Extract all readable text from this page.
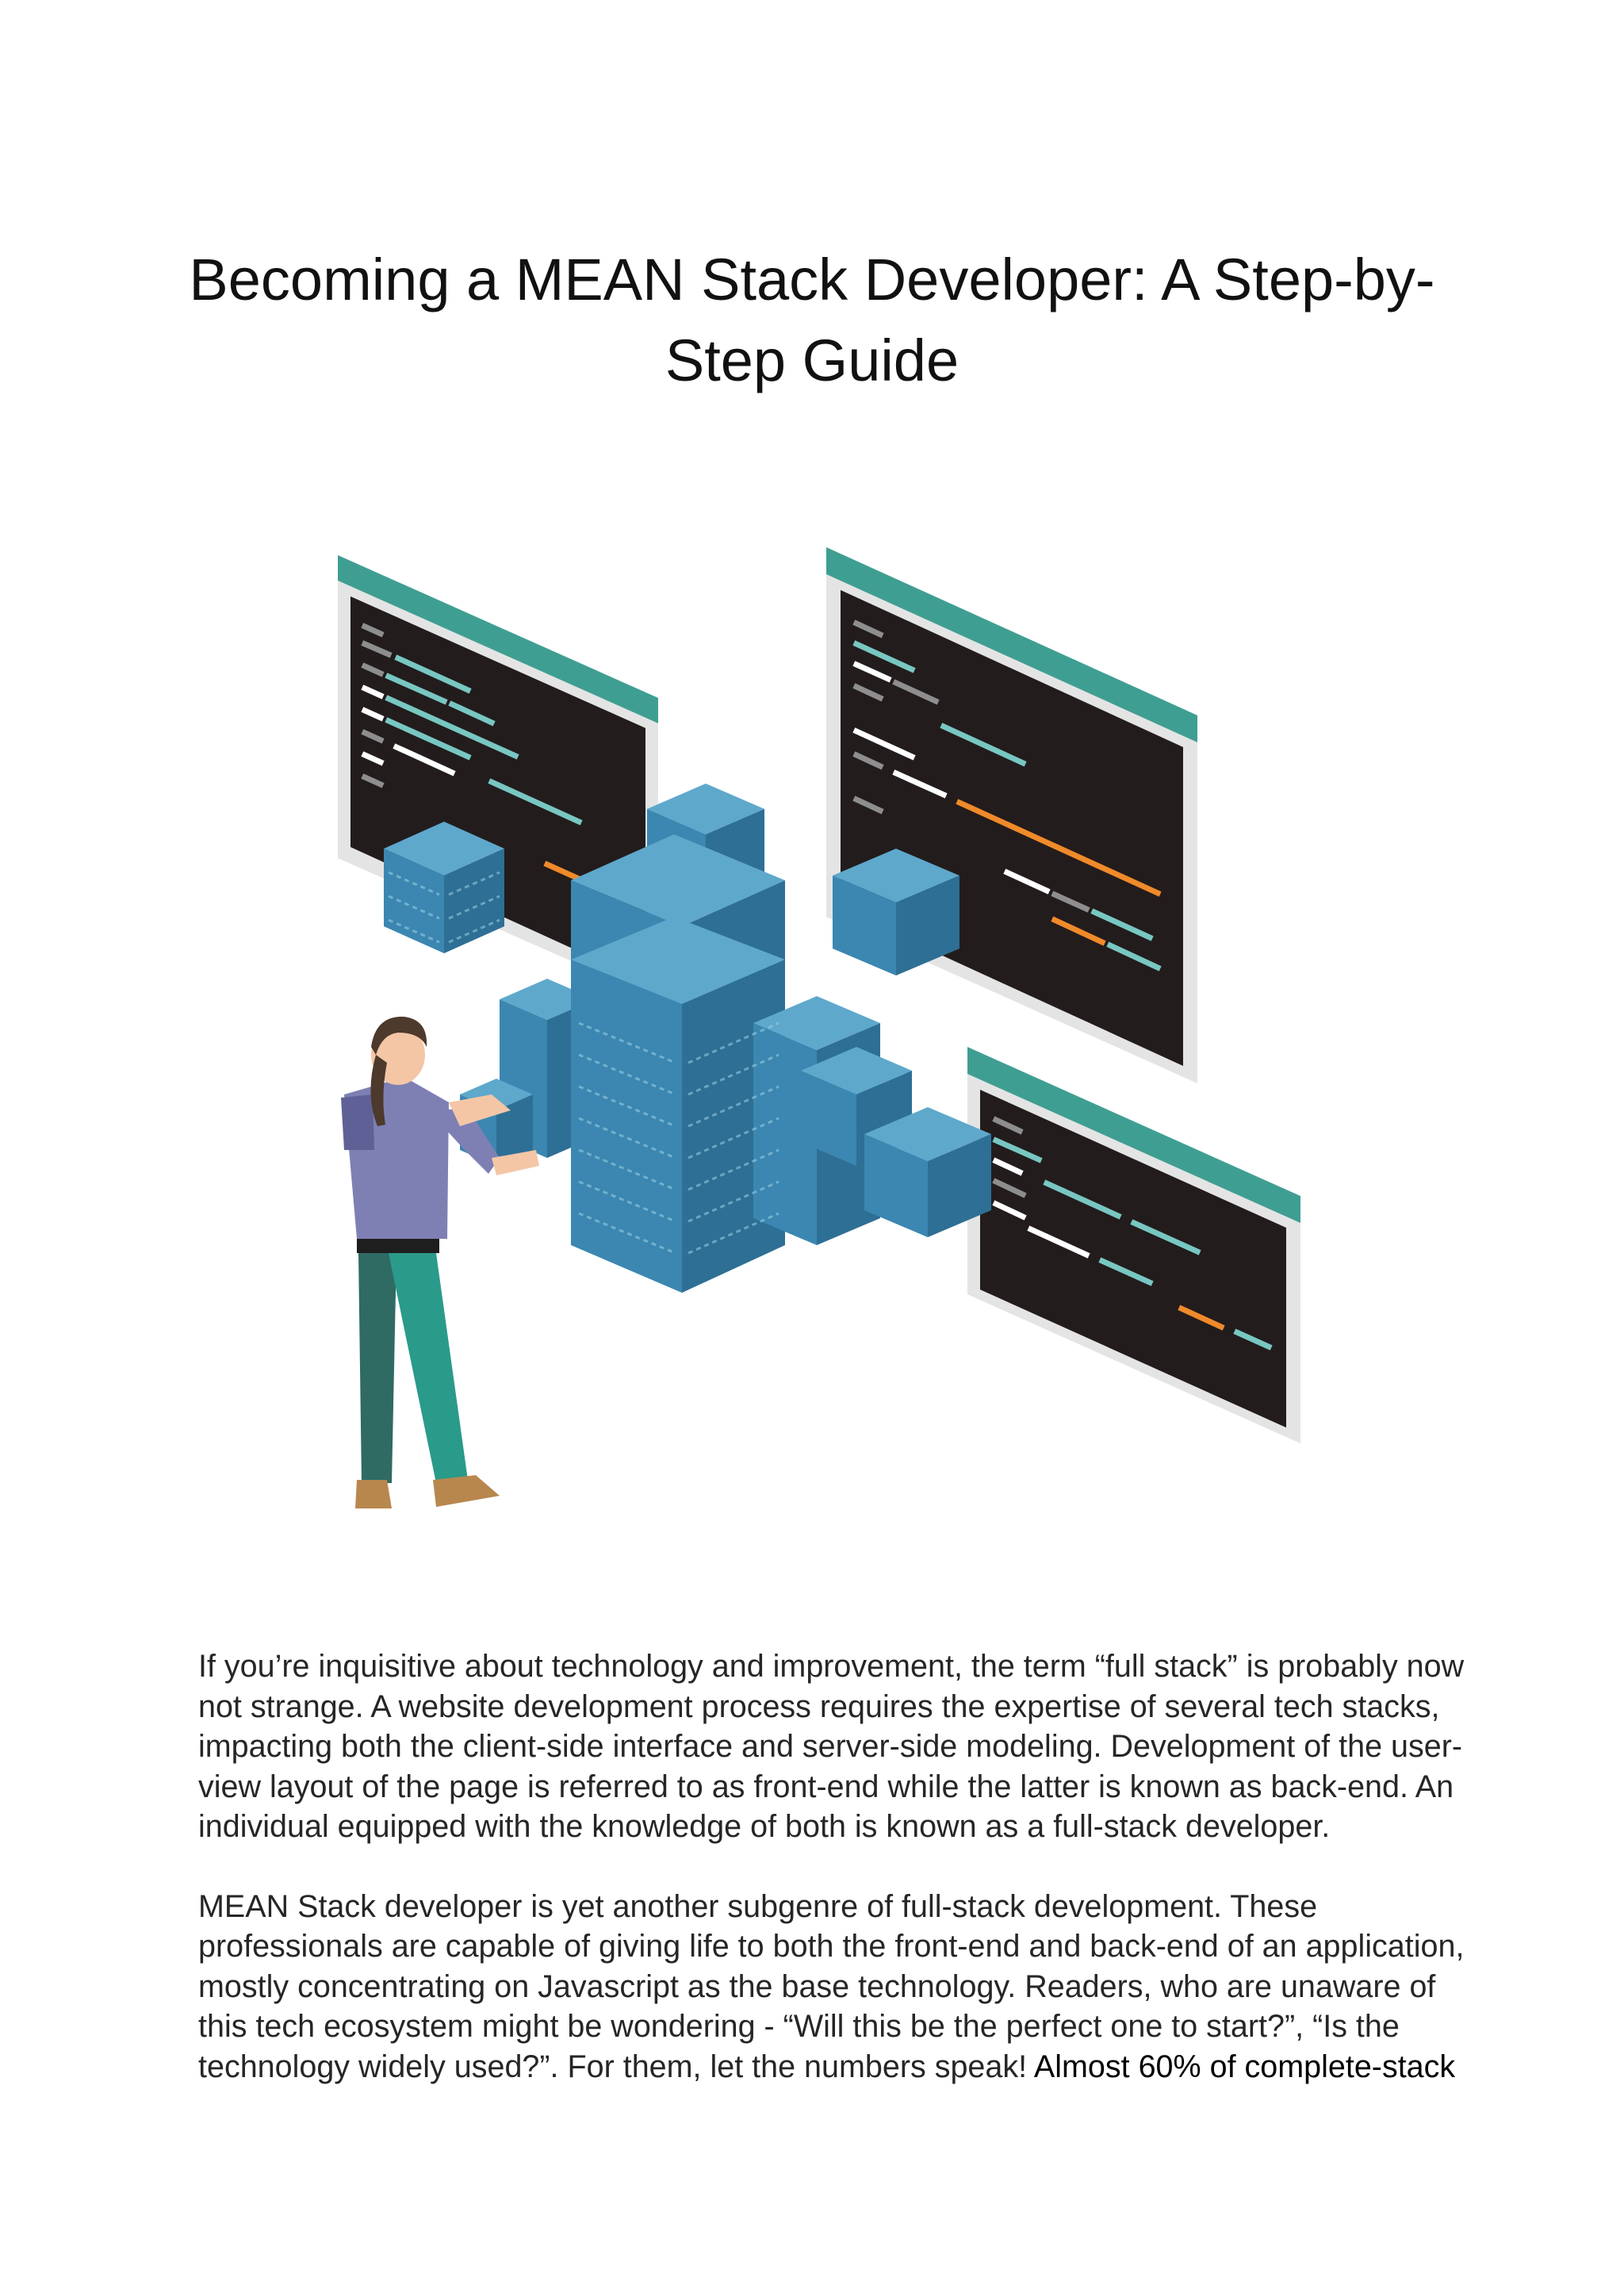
Becoming a MEAN Stack Developer: A Step-by-
Step Guide

If you’re inquisitive about technology and improvement, the term “full stack” is probably now
not strange. A website development process requires the expertise of several tech stacks,
impacting both the client-side interface and server-side modeling. Development of the user-
view layout of the page is referred to as front-end while the latter is known as back-end. An
individual equipped with the knowledge of both is known as a full-stack developer.

MEAN Stack developer is yet another subgenre of full-stack development. These
professionals are capable of giving life to both the front-end and back-end of an application,
mostly concentrating on Javascript as the base technology. Readers, who are unaware of
this tech ecosystem might be wondering - “Will this be the perfect one to start?”, “Is the
technology widely used?”. For them, let the numbers speak! Almost 60% of complete-stack
